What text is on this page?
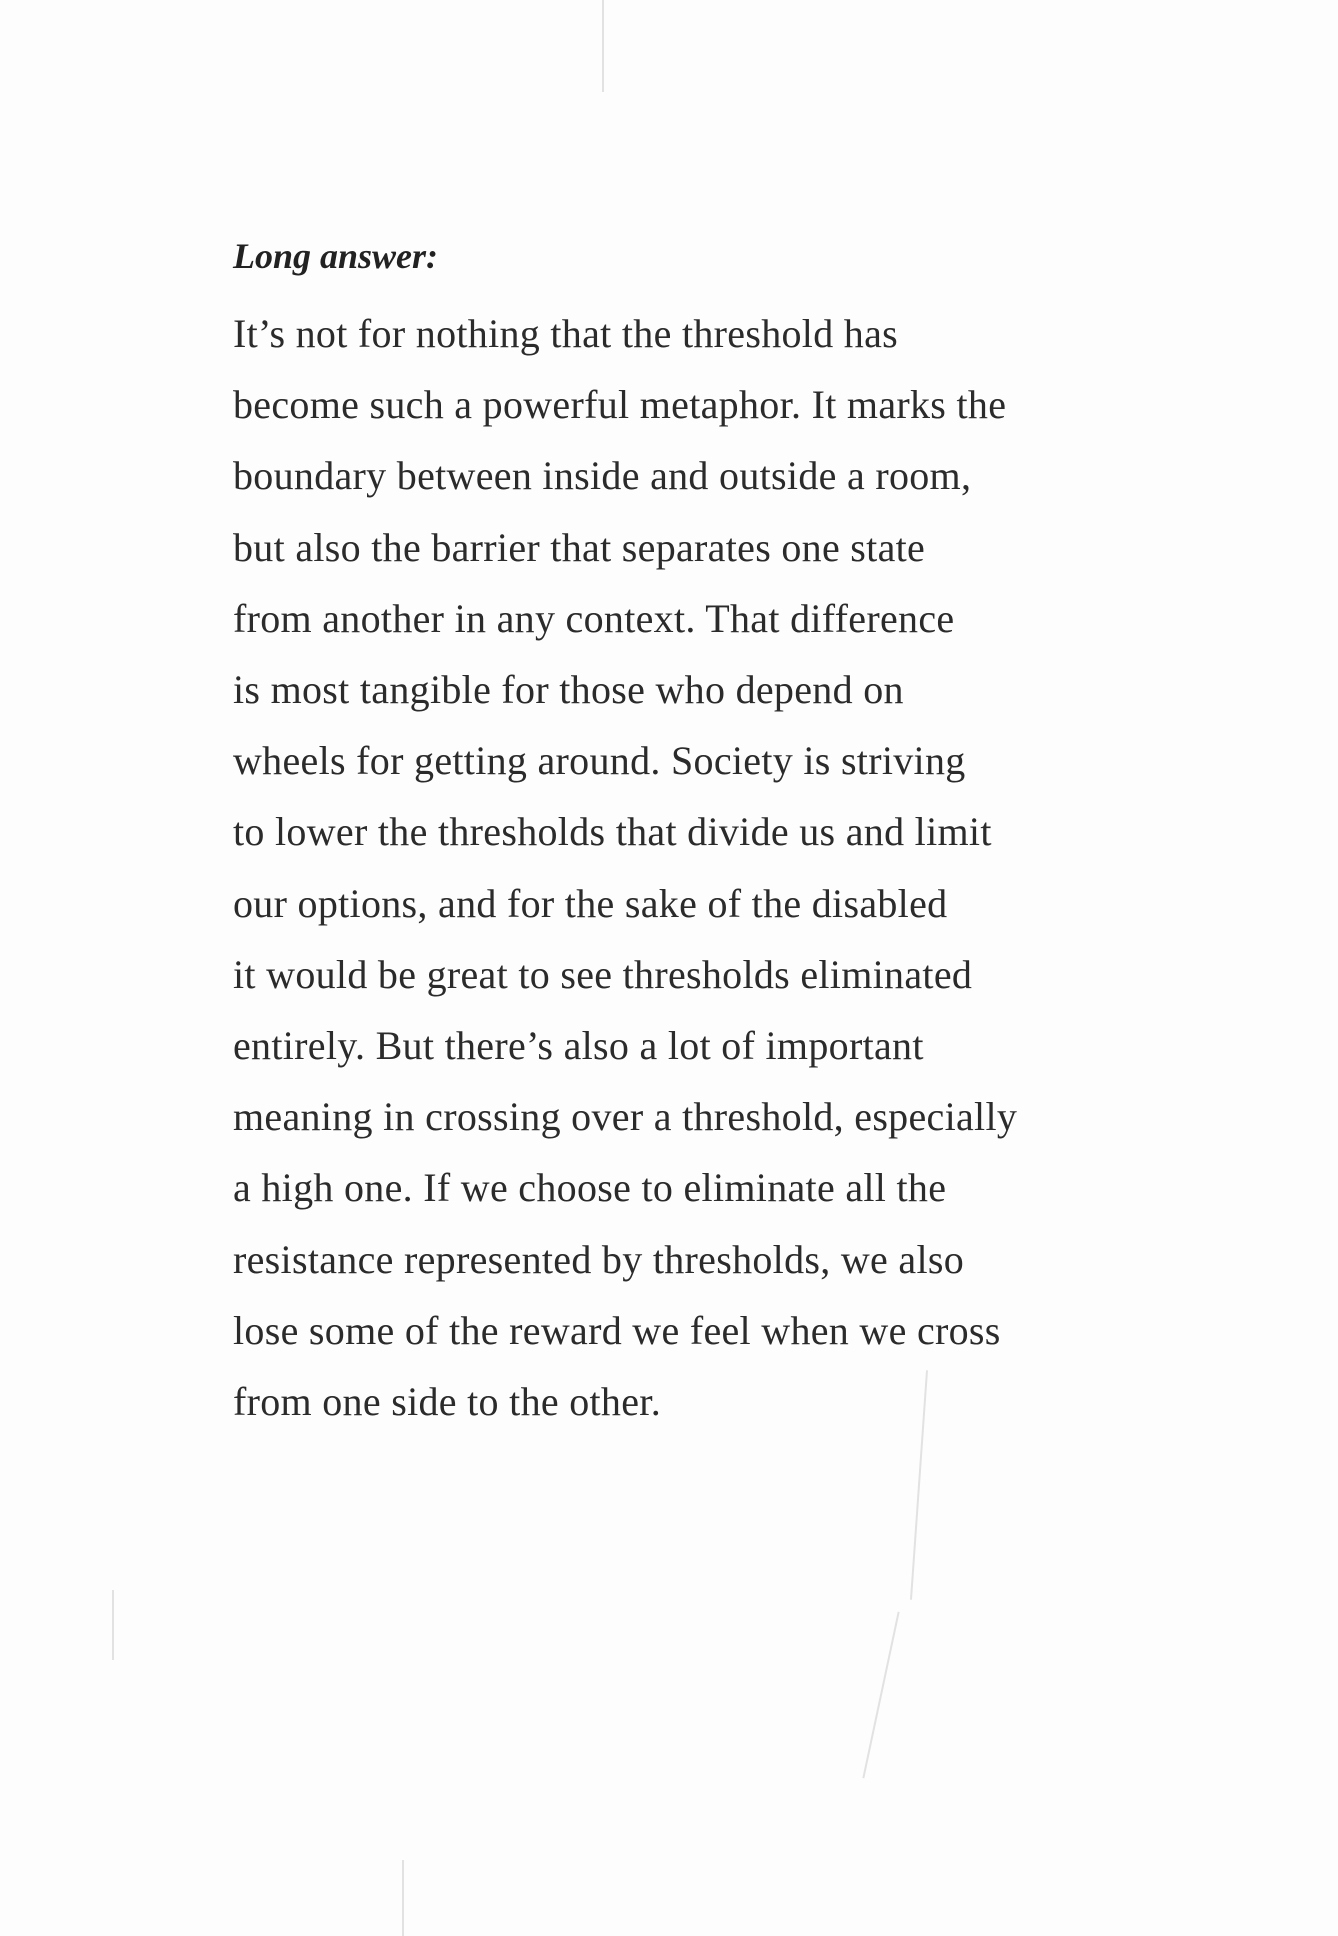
Long answer:
It’s not for nothing that the threshold has
become such a powerful metaphor. It marks the
boundary between inside and outside a room,
but also the barrier that separates one state
from another in any context. That difference
is most tangible for those who depend on
wheels for getting around. Society is striving
to lower the thresholds that divide us and limit
our options, and for the sake of the disabled
it would be great to see thresholds eliminated
entirely. But there’s also a lot of important
meaning in crossing over a threshold, especially
a high one. If we choose to eliminate all the
resistance represented by thresholds, we also
lose some of the reward we feel when we cross
from one side to the other.
